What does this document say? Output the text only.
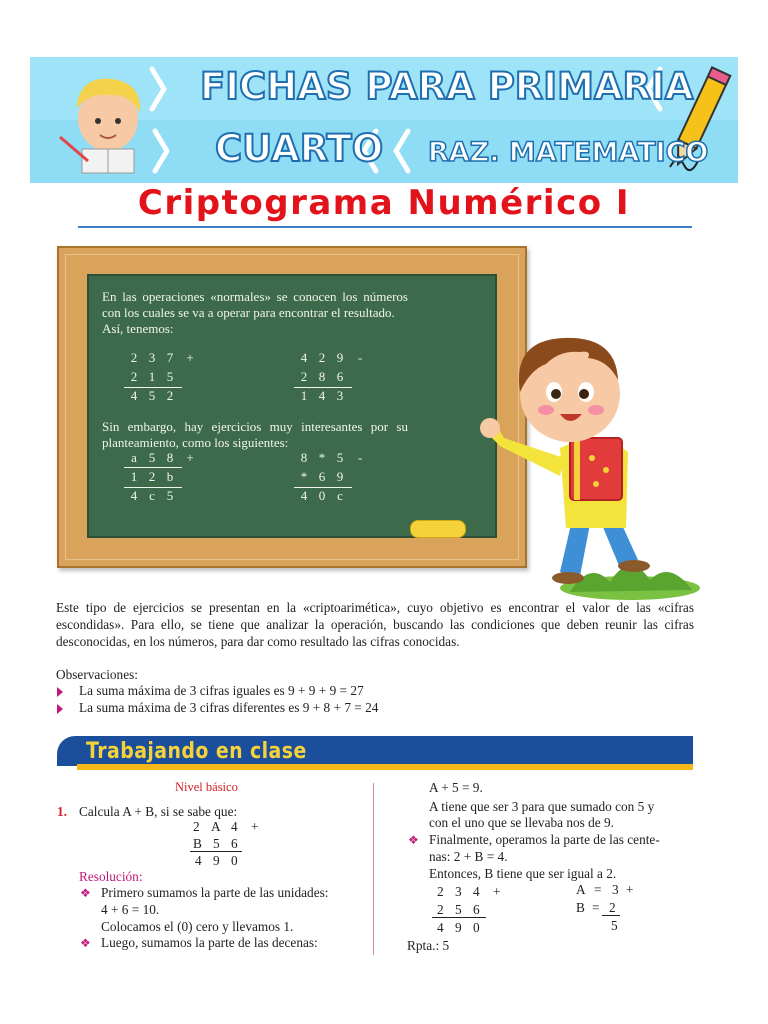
FICHAS PARA PRIMARIA
CUARTO RAZ. MATEMATICO
Criptograma Numérico I
En las operaciones «normales» se conocen los números con los cuales se va a operar para encontrar el resultado.
Así, tenemos:
2 3 7 +
2 1 5
4 5 2
4 2 9 -
2 8 6
1 4 3
Sin embargo, hay ejercicios muy interesantes por su planteamiento, como los siguientes:
a 5 8 +
1 2 b
4 c 5
8 * 5 -
* 6 9
4 0 c
Este tipo de ejercicios se presentan en la «criptoarimética», cuyo objetivo es encontrar el valor de las «cifras escondidas». Para ello, se tiene que analizar la operación, buscando las condiciones que deben reunir las cifras desconocidas, en los números, para dar como resultado las cifras conocidas.
Observaciones:
La suma máxima de 3 cifras iguales es 9 + 9 + 9 = 27
La suma máxima de 3 cifras diferentes es 9 + 8 + 7 = 24
Trabajando en clase
Nivel básico
1. Calcula A + B, si se sabe que:
2 A 4 +
B 5 6
4 9 0
Resolución:
❖ Primero sumamos la parte de las unidades:
4 + 6 = 10.
Colocamos el (0) cero y llevamos 1.
❖ Luego, sumamos la parte de las decenas:
A + 5 = 9.
A tiene que ser 3 para que sumado con 5 y
con el uno que se llevaba nos de 9.
❖ Finalmente, operamos la parte de las cente-
nas: 2 + B = 4.
Entonces, B tiene que ser igual a 2.
2 3 4 +
2 5 6
4 9 0
A = 3 +
B = 2
5
Rpta.: 5
